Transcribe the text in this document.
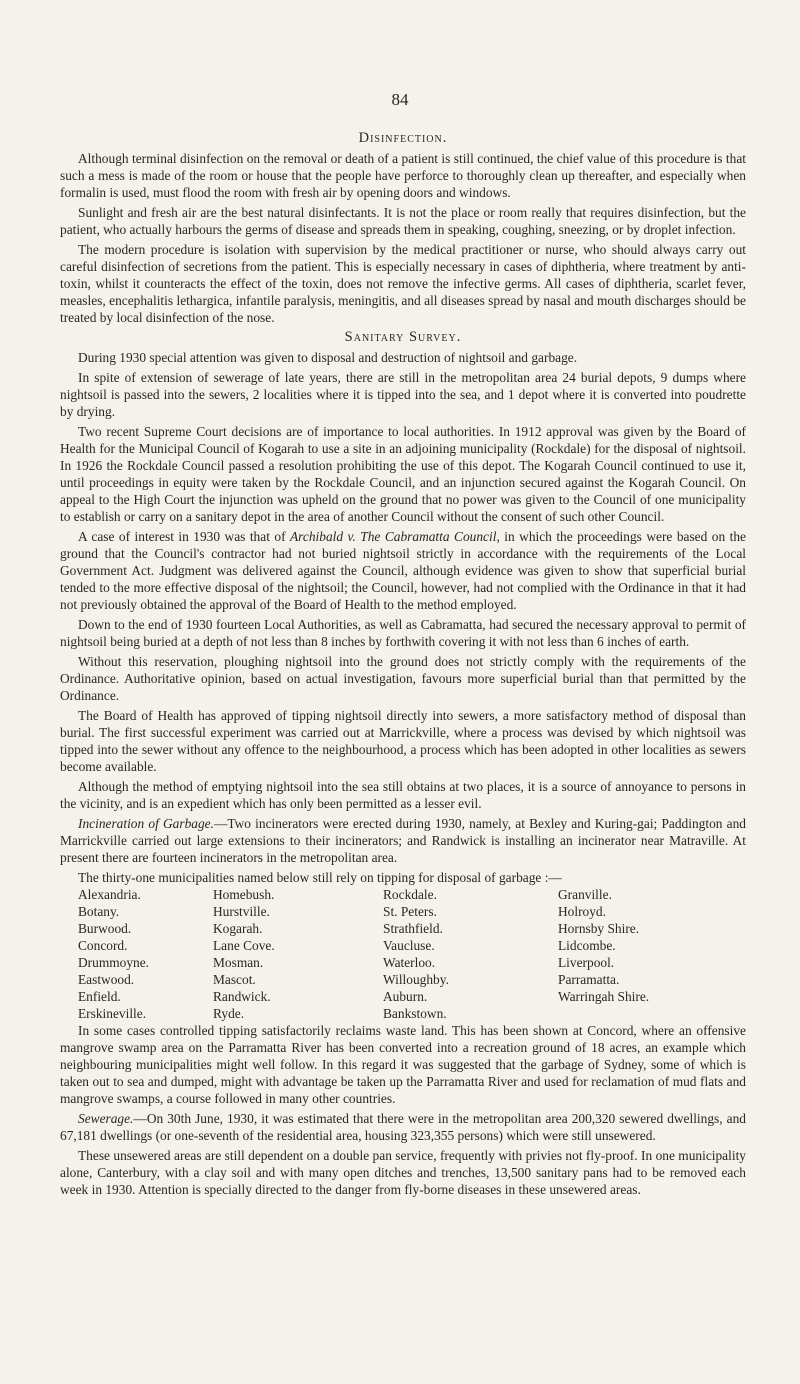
84
Disinfection.

Although terminal disinfection on the removal or death of a patient is still continued, the chief value of this procedure is that such a mess is made of the room or house that the people have perforce to thoroughly clean up thereafter, and especially when formalin is used, must flood the room with fresh air by opening doors and windows.

Sunlight and fresh air are the best natural disinfectants. It is not the place or room really that requires disinfection, but the patient, who actually harbours the germs of disease and spreads them in speaking, coughing, sneezing, or by droplet infection.

The modern procedure is isolation with supervision by the medical practitioner or nurse, who should always carry out careful disinfection of secretions from the patient. This is especially necessary in cases of diphtheria, where treatment by anti-toxin, whilst it counteracts the effect of the toxin, does not remove the infective germs. All cases of diphtheria, scarlet fever, measles, encephalitis lethargica, infantile paralysis, meningitis, and all diseases spread by nasal and mouth discharges should be treated by local disinfection of the nose.

Sanitary Survey.

During 1930 special attention was given to disposal and destruction of nightsoil and garbage.

In spite of extension of sewerage of late years, there are still in the metropolitan area 24 burial depots, 9 dumps where nightsoil is passed into the sewers, 2 localities where it is tipped into the sea, and 1 depot where it is converted into poudrette by drying.

Two recent Supreme Court decisions are of importance to local authorities. In 1912 approval was given by the Board of Health for the Municipal Council of Kogarah to use a site in an adjoining municipality (Rockdale) for the disposal of nightsoil. In 1926 the Rockdale Council passed a resolution prohibiting the use of this depot. The Kogarah Council continued to use it, until proceedings in equity were taken by the Rockdale Council, and an injunction secured against the Kogarah Council. On appeal to the High Court the injunction was upheld on the ground that no power was given to the Council of one municipality to establish or carry on a sanitary depot in the area of another Council without the consent of such other Council.

A case of interest in 1930 was that of Archibald v. The Cabramatta Council, in which the proceedings were based on the ground that the Council's contractor had not buried nightsoil strictly in accordance with the requirements of the Local Government Act. Judgment was delivered against the Council, although evidence was given to show that superficial burial tended to the more effective disposal of the nightsoil; the Council, however, had not complied with the Ordinance in that it had not previously obtained the approval of the Board of Health to the method employed.

Down to the end of 1930 fourteen Local Authorities, as well as Cabramatta, had secured the necessary approval to permit of nightsoil being buried at a depth of not less than 8 inches by forthwith covering it with not less than 6 inches of earth.

Without this reservation, ploughing nightsoil into the ground does not strictly comply with the requirements of the Ordinance. Authoritative opinion, based on actual investigation, favours more superficial burial than that permitted by the Ordinance.

The Board of Health has approved of tipping nightsoil directly into sewers, a more satisfactory method of disposal than burial. The first successful experiment was carried out at Marrickville, where a process was devised by which nightsoil was tipped into the sewer without any offence to the neighbourhood, a process which has been adopted in other localities as sewers become available.

Although the method of emptying nightsoil into the sea still obtains at two places, it is a source of annoyance to persons in the vicinity, and is an expedient which has only been permitted as a lesser evil.

Incineration of Garbage.—Two incinerators were erected during 1930, namely, at Bexley and Kuring-gai; Paddington and Marrickville carried out large extensions to their incinerators; and Randwick is installing an incinerator near Matraville. At present there are fourteen incinerators in the metropolitan area.

The thirty-one municipalities named below still rely on tipping for disposal of garbage :—

Alexandria.	Homebush.	Rockdale.	Granville.
Botany.	Hurstville.	St. Peters.	Holroyd.
Burwood.	Kogarah.	Strathfield.	Hornsby Shire.
Concord.	Lane Cove.	Vaucluse.	Lidcombe.
Drummoyne.	Mosman.	Waterloo.	Liverpool.
Eastwood.	Mascot.	Willoughby.	Parramatta.
Enfield.	Randwick.	Auburn.	Warringah Shire.
Erskineville.	Ryde.	Bankstown.

In some cases controlled tipping satisfactorily reclaims waste land. This has been shown at Concord, where an offensive mangrove swamp area on the Parramatta River has been converted into a recreation ground of 18 acres, an example which neighbouring municipalities might well follow. In this regard it was suggested that the garbage of Sydney, some of which is taken out to sea and dumped, might with advantage be taken up the Parramatta River and used for reclamation of mud flats and mangrove swamps, a course followed in many other countries.

Sewerage.—On 30th June, 1930, it was estimated that there were in the metropolitan area 200,320 sewered dwellings, and 67,181 dwellings (or one-seventh of the residential area, housing 323,355 persons) which were still unsewered.

These unsewered areas are still dependent on a double pan service, frequently with privies not fly-proof. In one municipality alone, Canterbury, with a clay soil and with many open ditches and trenches, 13,500 sanitary pans had to be removed each week in 1930. Attention is specially directed to the danger from fly-borne diseases in these unsewered areas.
